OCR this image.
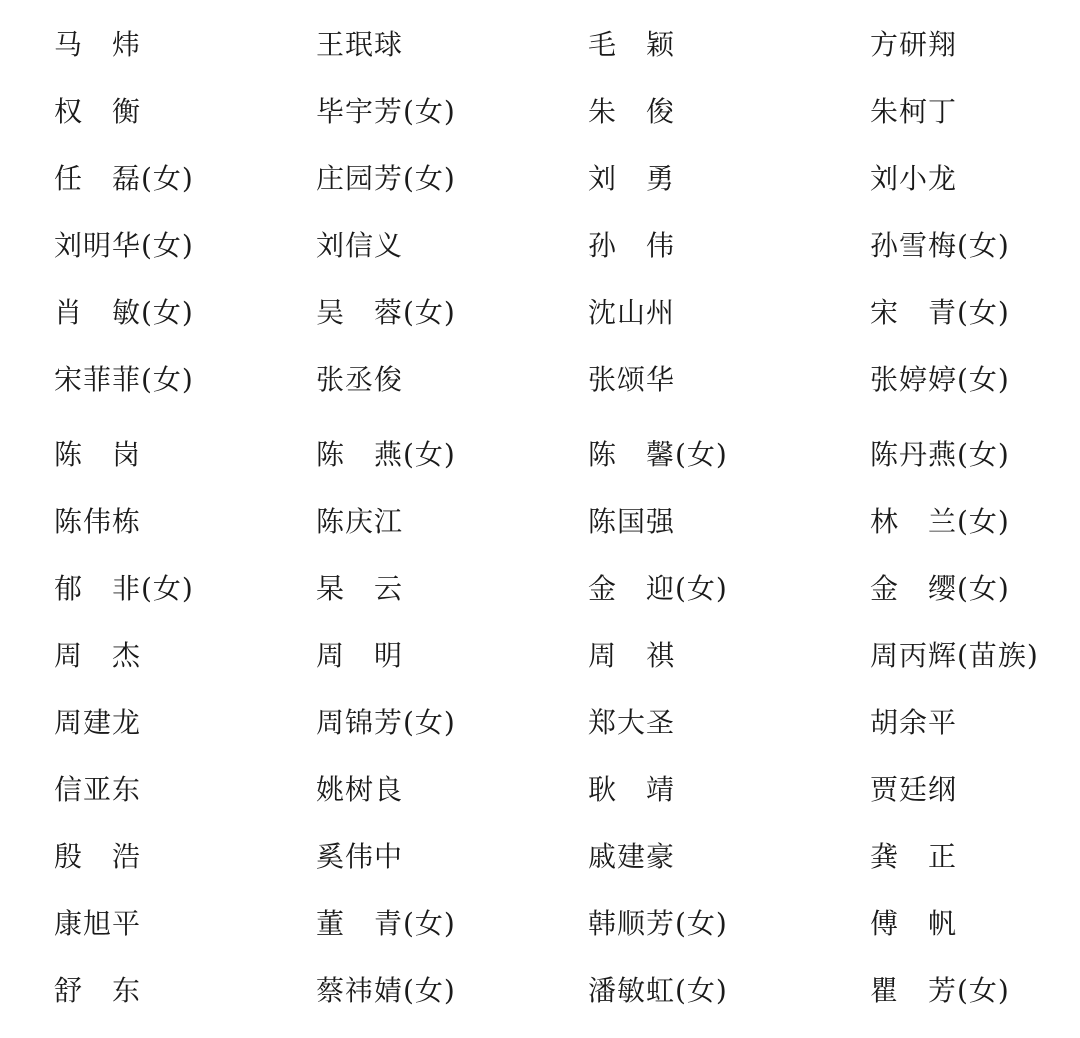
马　炜	王珉球	毛　颖	方研翔
权　衡	毕宇芳(女)	朱　俊	朱柯丁
任　磊(女)	庄园芳(女)	刘　勇	刘小龙
刘明华(女)	刘信义	孙　伟	孙雪梅(女)
肖　敏(女)	吴　蓉(女)	沈山州	宋　青(女)
宋菲菲(女)	张丞俊	张颂华	张婷婷(女)
陈　岗	陈　燕(女)	陈　馨(女)	陈丹燕(女)
陈伟栋	陈庆江	陈国强	林　兰(女)
郁　非(女)	杲　云	金　迎(女)	金　缨(女)
周　杰	周　明	周　祺	周丙辉(苗族)
周建龙	周锦芳(女)	郑大圣	胡余平
信亚东	姚树良	耿　靖	贾廷纲
殷　浩	奚伟中	戚建豪	龚　正
康旭平	董　青(女)	韩顺芳(女)	傅　帆
舒　东	蔡祎婧(女)	潘敏虹(女)	瞿　芳(女)
